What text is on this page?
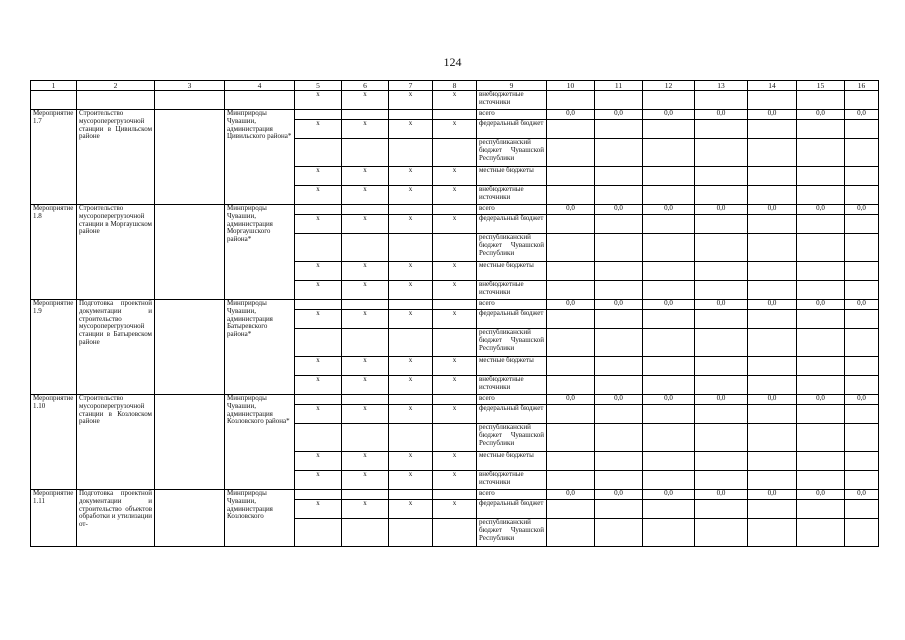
124
1	2	3	4	5	6	7	8	9	10	11	12	13	14	15	16
				х	х	х	х	внебюджетные источники							
Мероприятие 1.7	Строительство мусороперегрузочной станции в Цивильском районе		Минприроды Чувашии, администрация Цивильского района*					всего	0,0	0,0	0,0	0,0	0,0	0,0	0,0
				х	х	х	х	федеральный бюджет							
								республиканский бюджет Чувашской Республики							
				х	х	х	х	местные бюджеты							
				х	х	х	х	внебюджетные источники							
Мероприятие 1.8	Строительство мусороперегрузочной станции в Моргаушском районе		Минприроды Чувашии, администрация Моргаушского района*					всего	0,0	0,0	0,0	0,0	0,0	0,0	0,0
				х	х	х	х	федеральный бюджет							
								республиканский бюджет Чувашской Республики							
				х	х	х	х	местные бюджеты							
				х	х	х	х	внебюджетные источники							
Мероприятие 1.9	Подготовка проектной документации и строительство мусороперегрузочной станции в Батыревском районе		Минприроды Чувашии, администрация Батыревского района*					всего	0,0	0,0	0,0	0,0	0,0	0,0	0,0
				х	х	х	х	федеральный бюджет							
								республиканский бюджет Чувашской Республики							
				х	х	х	х	местные бюджеты							
				х	х	х	х	внебюджетные источники							
Мероприятие 1.10	Строительство мусороперегрузочной станции в Козловском районе		Минприроды Чувашии, администрация Козловского района*					всего	0,0	0,0	0,0	0,0	0,0	0,0	0,0
				х	х	х	х	федеральный бюджет							
								республиканский бюджет Чувашской Республики							
				х	х	х	х	местные бюджеты							
				х	х	х	х	внебюджетные источники							
Мероприятие 1.11	Подготовка проектной документации и строительство объектов обработки и утилизации от-		Минприроды Чувашии, администрация Козловского					всего	0,0	0,0	0,0	0,0	0,0	0,0	0,0
				х	х	х	х	федеральный бюджет							
								республиканский бюджет Чувашской Республики							
